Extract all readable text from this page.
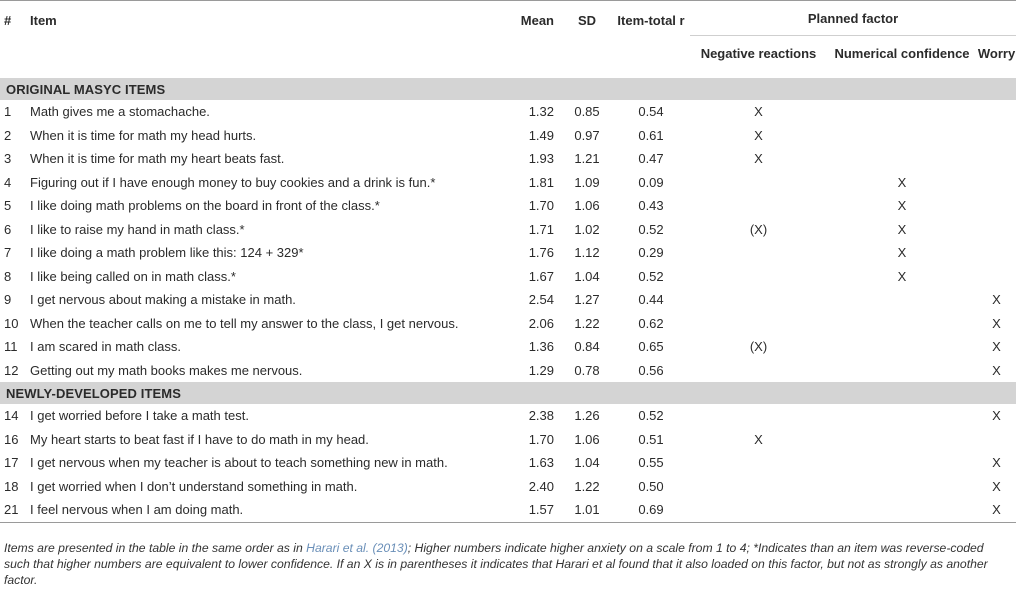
#	Item	Mean	SD	Item-total r	Planned factor		
					Negative reactions	Numerical confidence	Worry
ORIGINAL MASYC ITEMS							
1	Math gives me a stomachache.	1.32	0.85	0.54	X		
2	When it is time for math my head hurts.	1.49	0.97	0.61	X		
3	When it is time for math my heart beats fast.	1.93	1.21	0.47	X		
4	Figuring out if I have enough money to buy cookies and a drink is fun.*	1.81	1.09	0.09		X	
5	I like doing math problems on the board in front of the class.*	1.70	1.06	0.43		X	
6	I like to raise my hand in math class.*	1.71	1.02	0.52	(X)	X	
7	I like doing a math problem like this: 124 + 329*	1.76	1.12	0.29		X	
8	I like being called on in math class.*	1.67	1.04	0.52		X	
9	I get nervous about making a mistake in math.	2.54	1.27	0.44			X
10	When the teacher calls on me to tell my answer to the class, I get nervous.	2.06	1.22	0.62			X
11	I am scared in math class.	1.36	0.84	0.65	(X)		X
12	Getting out my math books makes me nervous.	1.29	0.78	0.56			X
NEWLY-DEVELOPED ITEMS							
14	I get worried before I take a math test.	2.38	1.26	0.52			X
16	My heart starts to beat fast if I have to do math in my head.	1.70	1.06	0.51	X		
17	I get nervous when my teacher is about to teach something new in math.	1.63	1.04	0.55			X
18	I get worried when I don’t understand something in math.	2.40	1.22	0.50			X
21	I feel nervous when I am doing math.	1.57	1.01	0.69			X
Items are presented in the table in the same order as in Harari et al. (2013); Higher numbers indicate higher anxiety on a scale from 1 to 4; *Indicates than an item was reverse-coded such that higher numbers are equivalent to lower confidence. If an X is in parentheses it indicates that Harari et al found that it also loaded on this factor, but not as strongly as another factor.
